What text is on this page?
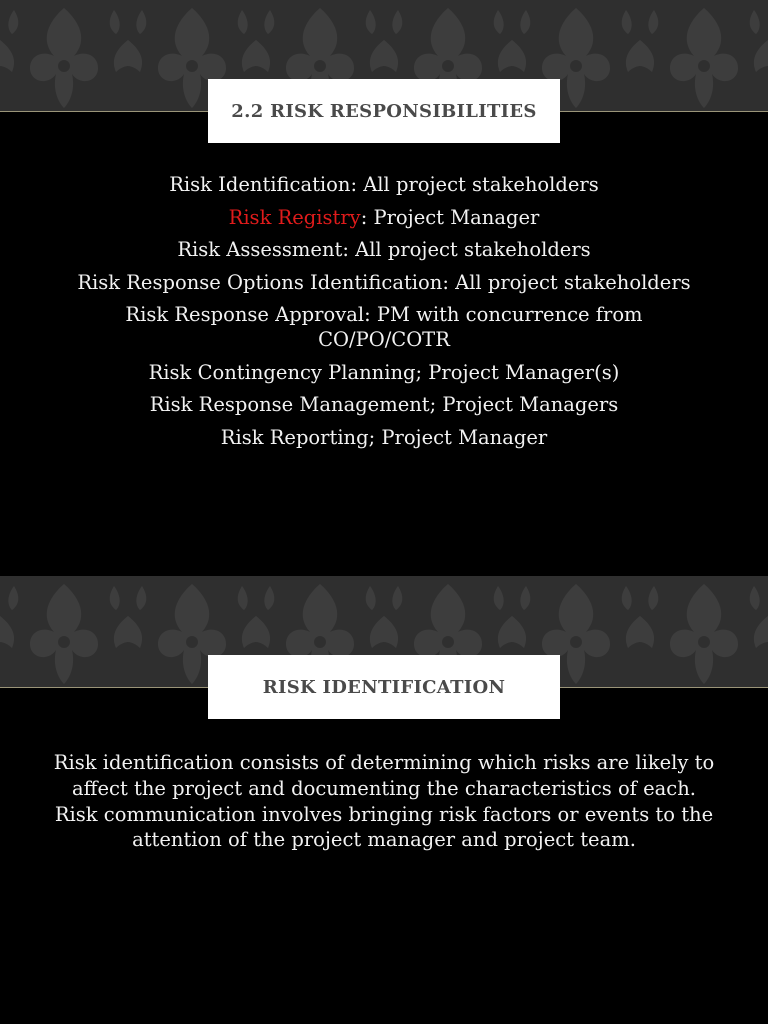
2.2 RISK RESPONSIBILITIES
Risk Identification: All project stakeholders
Risk Registry: Project Manager
Risk Assessment: All project stakeholders
Risk Response Options Identification: All project stakeholders
Risk Response Approval: PM with concurrence from CO/PO/COTR
Risk Contingency Planning; Project Manager(s)
Risk Response Management; Project Managers
Risk Reporting; Project Manager
RISK IDENTIFICATION
Risk identification consists of determining which risks are likely to affect the project and documenting the characteristics of each. Risk communication involves bringing risk factors or events to the attention of the project manager and project team.
